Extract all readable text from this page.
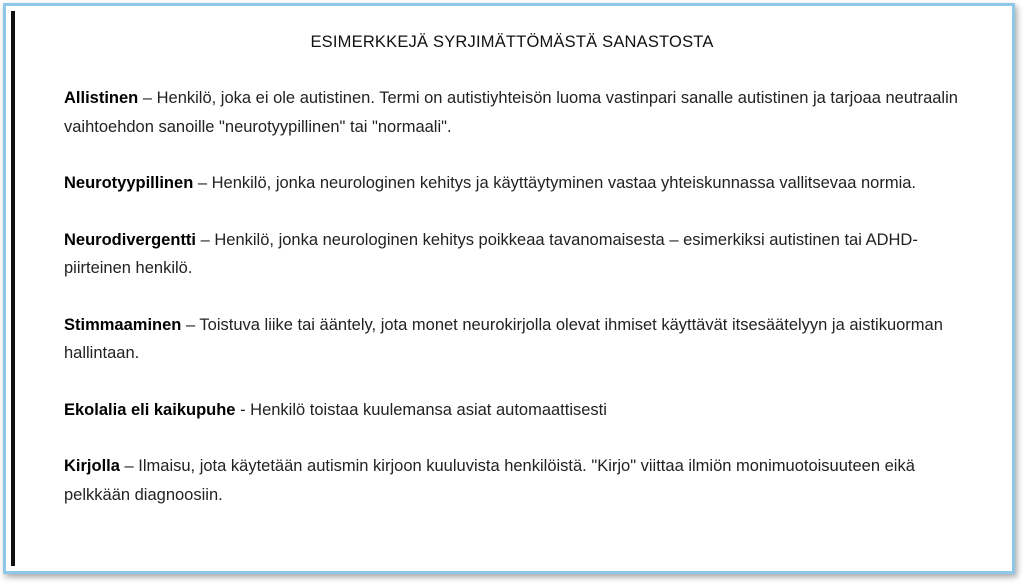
ESIMERKKEJÄ SYRJIMÄTTÖMÄSTÄ SANASTOSTA
Allistinen – Henkilö, joka ei ole autistinen. Termi on autistiyhteisön luoma vastinpari sanalle autistinen ja tarjoaa neutraalin vaihtoehdon sanoille "neurotyypillinen" tai "normaali".
Neurotyypillinen – Henkilö, jonka neurologinen kehitys ja käyttäytyminen vastaa yhteiskunnassa vallitsevaa normia.
Neurodivergentti – Henkilö, jonka neurologinen kehitys poikkeaa tavanomaisesta – esimerkiksi autistinen tai ADHD-piirteinen henkilö.
Stimmaaminen – Toistuva liike tai ääntely, jota monet neurokirjolla olevat ihmiset käyttävät itsesäätelyyn ja aistikuorman hallintaan.
Ekolalia eli kaikupuhe - Henkilö toistaa kuulemansa asiat automaattisesti
Kirjolla – Ilmaisu, jota käytetään autismin kirjoon kuuluvista henkilöistä. "Kirjo" viittaa ilmiön monimuotoisuuteen eikä pelkkään diagnoosiin.
